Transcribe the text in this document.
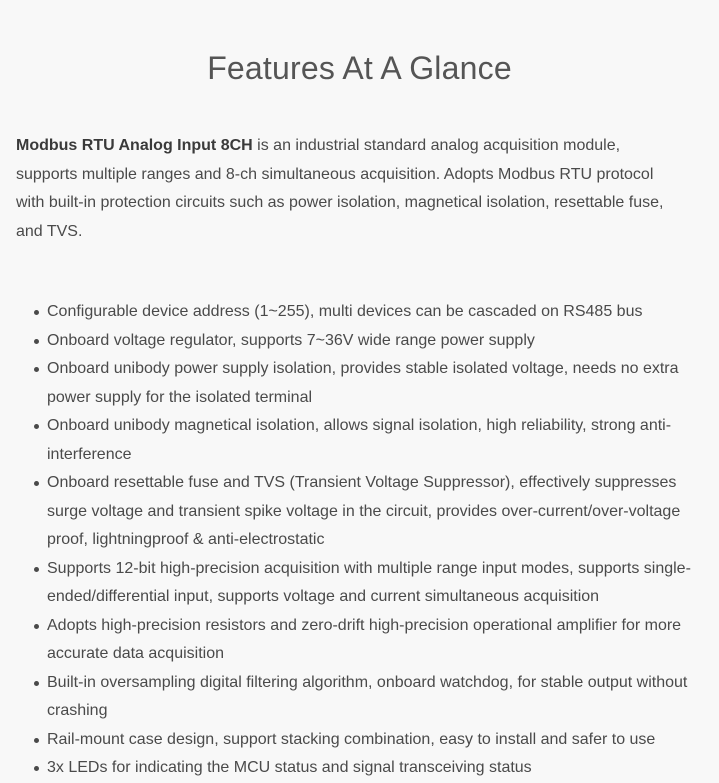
Features At A Glance

Modbus RTU Analog Input 8CH is an industrial standard analog acquisition module, supports multiple ranges and 8-ch simultaneous acquisition. Adopts Modbus RTU protocol with built-in protection circuits such as power isolation, magnetical isolation, resettable fuse, and TVS.

Configurable device address (1~255), multi devices can be cascaded on RS485 bus
Onboard voltage regulator, supports 7~36V wide range power supply
Onboard unibody power supply isolation, provides stable isolated voltage, needs no extra power supply for the isolated terminal
Onboard unibody magnetical isolation, allows signal isolation, high reliability, strong anti-interference
Onboard resettable fuse and TVS (Transient Voltage Suppressor), effectively suppresses surge voltage and transient spike voltage in the circuit, provides over-current/over-voltage proof, lightningproof & anti-electrostatic
Supports 12-bit high-precision acquisition with multiple range input modes, supports single-ended/differential input, supports voltage and current simultaneous acquisition
Adopts high-precision resistors and zero-drift high-precision operational amplifier for more accurate data acquisition
Built-in oversampling digital filtering algorithm, onboard watchdog, for stable output without crashing
Rail-mount case design, support stacking combination, easy to install and safer to use
3x LEDs for indicating the MCU status and signal transceiving status
